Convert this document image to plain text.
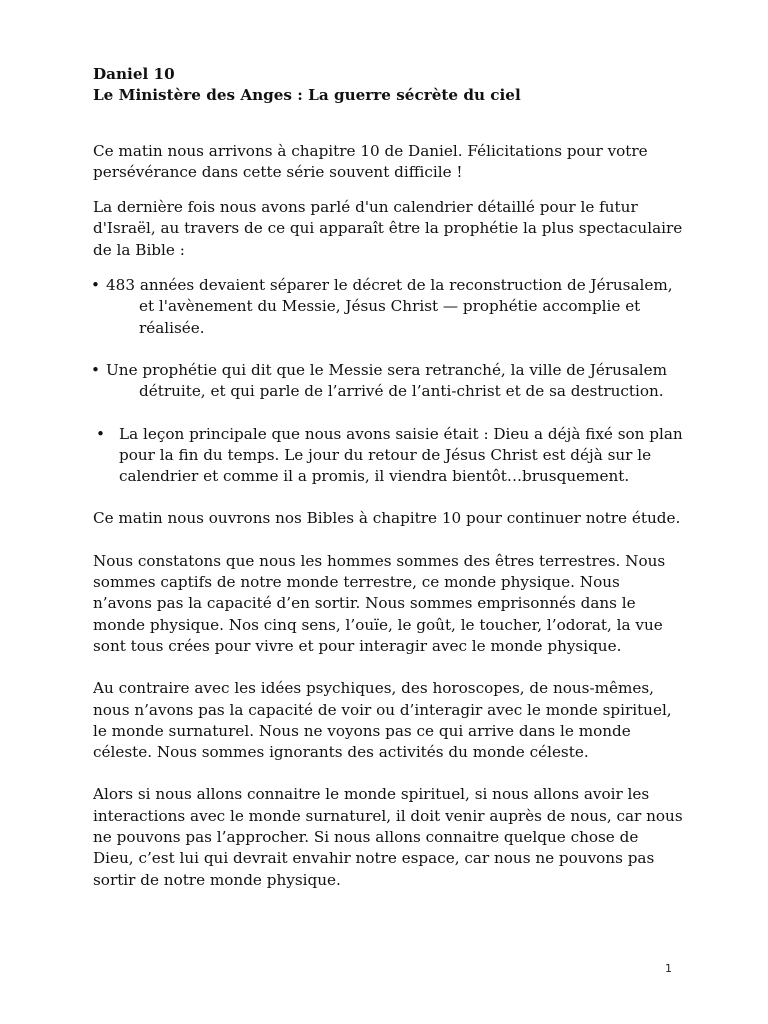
Daniel 10
Le Ministère des Anges : La guerre sécrète du ciel

Ce matin nous arrivons à chapitre 10 de Daniel. Félicitations pour votre persévérance dans cette série souvent difficile !

La dernière fois nous avons parlé d'un calendrier détaillé pour le futur d'Israël, au travers de ce qui apparaît être la prophétie la plus spectaculaire de la Bible :

• 483 années devaient séparer le décret de la reconstruction de Jérusalem, et l'avènement du Messie, Jésus Christ — prophétie accomplie et réalisée.
• Une prophétie qui dit que le Messie sera retranché, la ville de Jérusalem détruite, et qui parle de l’arrivé de l’anti-christ et de sa destruction.
• La leçon principale que nous avons saisie était : Dieu a déjà fixé son plan pour la fin du temps. Le jour du retour de Jésus Christ est déjà sur le calendrier et comme il a promis, il viendra bientôt…brusquement.

Ce matin nous ouvrons nos Bibles à chapitre 10 pour continuer notre étude.

Nous constatons que nous les hommes sommes des êtres terrestres. Nous sommes captifs de notre monde terrestre, ce monde physique. Nous n’avons pas la capacité d’en sortir. Nous sommes emprisonnés dans le monde physique. Nos cinq sens, l’ouïe, le goût, le toucher, l’odorat, la vue sont tous crées pour vivre et pour interagir avec le monde physique.

Au contraire avec les idées psychiques, des horoscopes, de nous-mêmes, nous n’avons pas la capacité de voir ou d’interagir avec le monde spirituel, le monde surnaturel. Nous ne voyons pas ce qui arrive dans le monde céleste. Nous sommes ignorants des activités du monde céleste.

Alors si nous allons connaitre le monde spirituel, si nous allons avoir les interactions avec le monde surnaturel, il doit venir auprès de nous, car nous ne pouvons pas l’approcher. Si nous allons connaitre quelque chose de Dieu, c’est lui qui devrait envahir notre espace, car nous ne pouvons pas sortir de notre monde physique.

1
